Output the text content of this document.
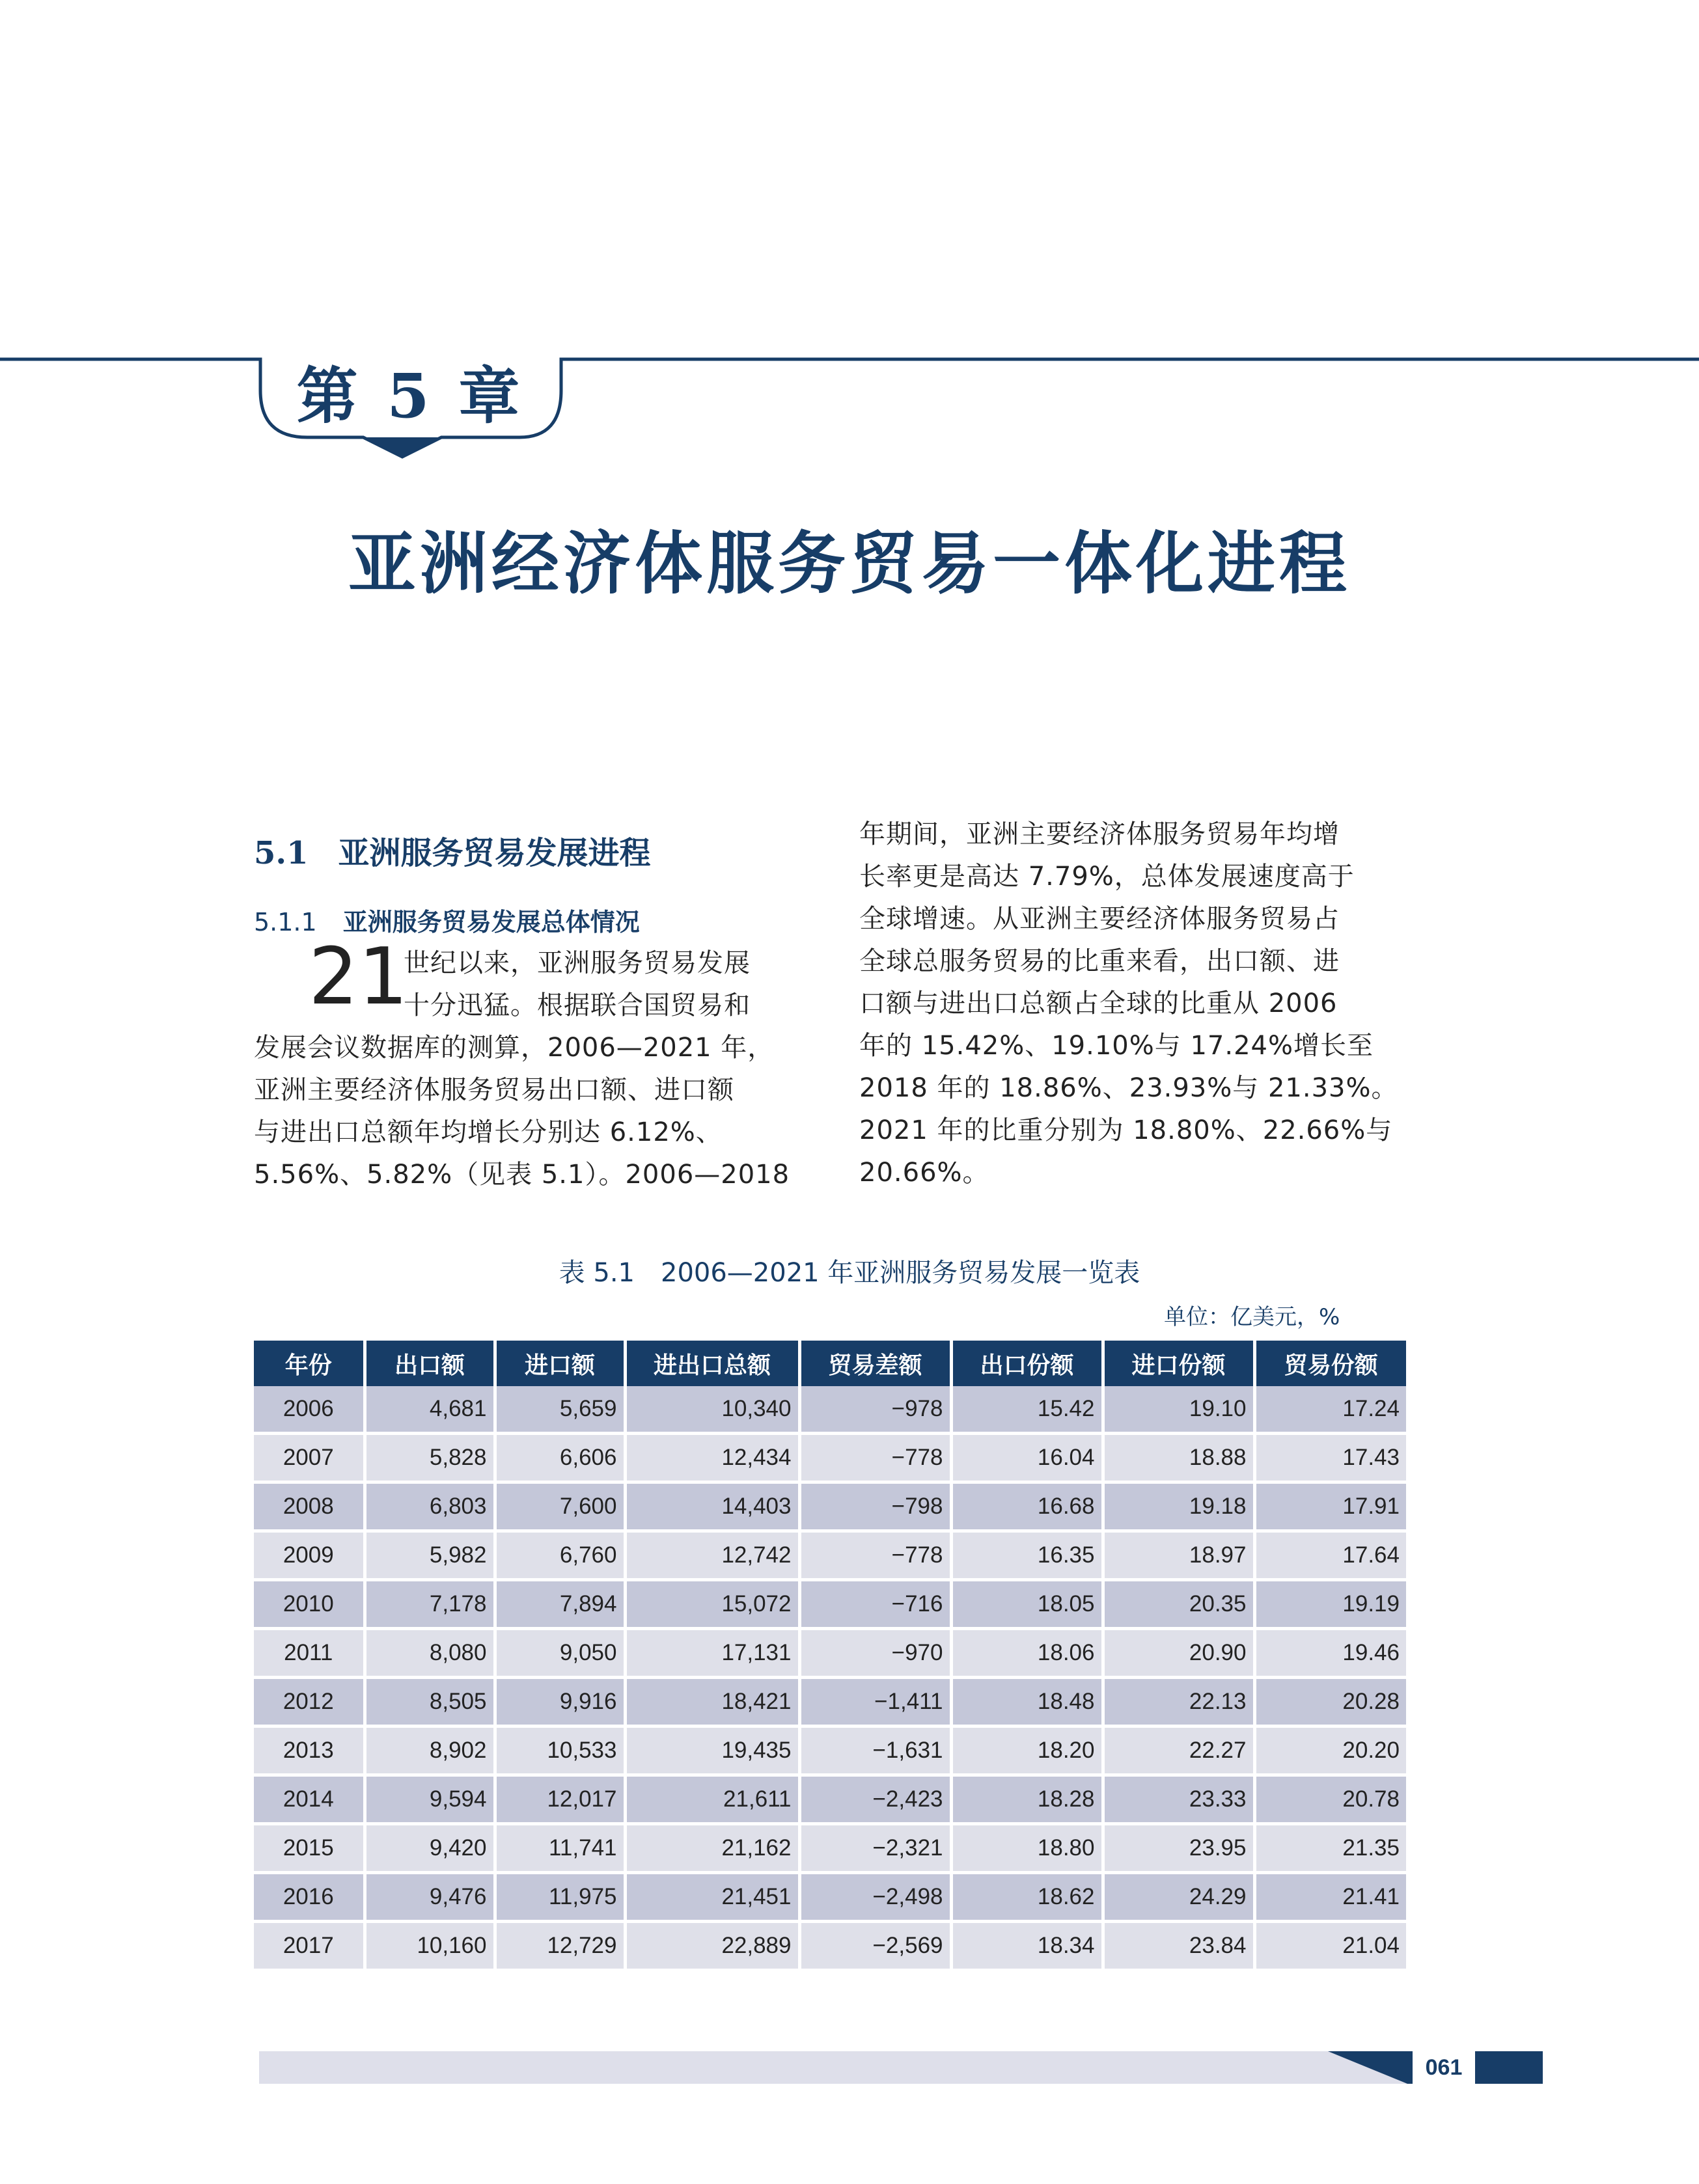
第 5 章
亚洲经济体服务贸易一体化进程
5.1 亚洲服务贸易发展进程
5.1.1 亚洲服务贸易发展总体情况
21
世纪以来，亚洲服务贸易发展
十分迅猛。根据联合国贸易和
发展会议数据库的测算，2006—2021 年，
亚洲主要经济体服务贸易出口额、进口额
与进出口总额年均增长分别达 6.12%、
5.56%、5.82%（见表 5.1）。2006—2018
年期间，亚洲主要经济体服务贸易年均增
长率更是高达 7.79%，总体发展速度高于
全球增速。从亚洲主要经济体服务贸易占
全球总服务贸易的比重来看，出口额、进
口额与进出口总额占全球的比重从 2006
年的 15.42%、19.10%与 17.24%增长至
2018 年的 18.86%、23.93%与 21.33%。
2021 年的比重分别为 18.80%、22.66%与
20.66%。
表 5.1 2006—2021 年亚洲服务贸易发展一览表
单位：亿美元，%
年份	出口额	进口额	进出口总额	贸易差额	出口份额	进口份额	贸易份额
2006	4,681	5,659	10,340	−978	15.42	19.10	17.24
2007	5,828	6,606	12,434	−778	16.04	18.88	17.43
2008	6,803	7,600	14,403	−798	16.68	19.18	17.91
2009	5,982	6,760	12,742	−778	16.35	18.97	17.64
2010	7,178	7,894	15,072	−716	18.05	20.35	19.19
2011	8,080	9,050	17,131	−970	18.06	20.90	19.46
2012	8,505	9,916	18,421	−1,411	18.48	22.13	20.28
2013	8,902	10,533	19,435	−1,631	18.20	22.27	20.20
2014	9,594	12,017	21,611	−2,423	18.28	23.33	20.78
2015	9,420	11,741	21,162	−2,321	18.80	23.95	21.35
2016	9,476	11,975	21,451	−2,498	18.62	24.29	21.41
2017	10,160	12,729	22,889	−2,569	18.34	23.84	21.04
061
